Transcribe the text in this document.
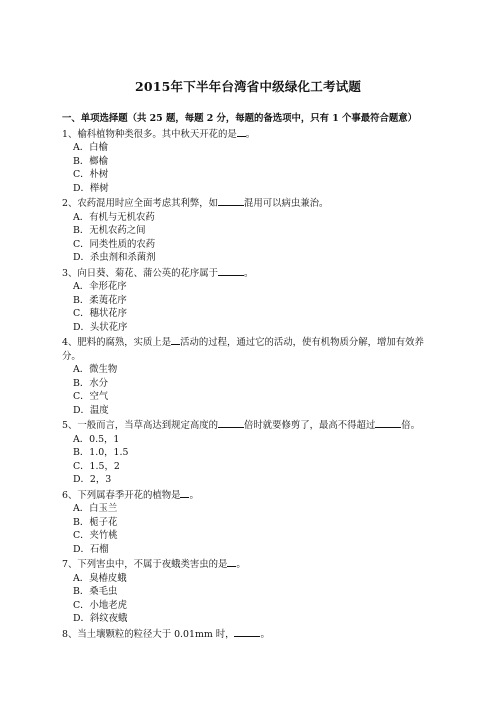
2015年下半年台湾省中级绿化工考试题
一、单项选择题（共 25 题，每题 2 分，每题的备选项中，只有 1 个事最符合题意）
1、榆科植物种类很多。其中秋天开花的是 。
A．白榆
B．榔榆
C．朴树
D．榉树
2、农药混用时应全面考虑其利弊，如	混用可以病虫兼治。
A．有机与无机农药
B．无机农药之间
C．同类性质的农药
D．杀虫剂和杀菌剂
3、向日葵、菊花、蒲公英的花序属于	。
A．伞形花序
B．柔荑花序
C．穗状花序
D．头状花序
4、肥料的腐熟，实质上是 活动的过程，通过它的活动，使有机物质分解，增加有效养分。
A．微生物
B．水分
C．空气
D．温度
5、一般而言，当草高达到规定高度的	倍时就要修剪了，最高不得超过	倍。
A．0.5，1
B．1.0，1.5
C．1.5，2
D．2，3
6、下列属春季开花的植物是 。
A．白玉兰
B．栀子花
C．夹竹桃
D．石榴
7、下列害虫中，不属于夜蛾类害虫的是 。
A．臭椿皮蛾
B．桑毛虫
C．小地老虎
D．斜纹夜蛾
8、当土壤颗粒的粒径大于 0.01mm 时，	。
